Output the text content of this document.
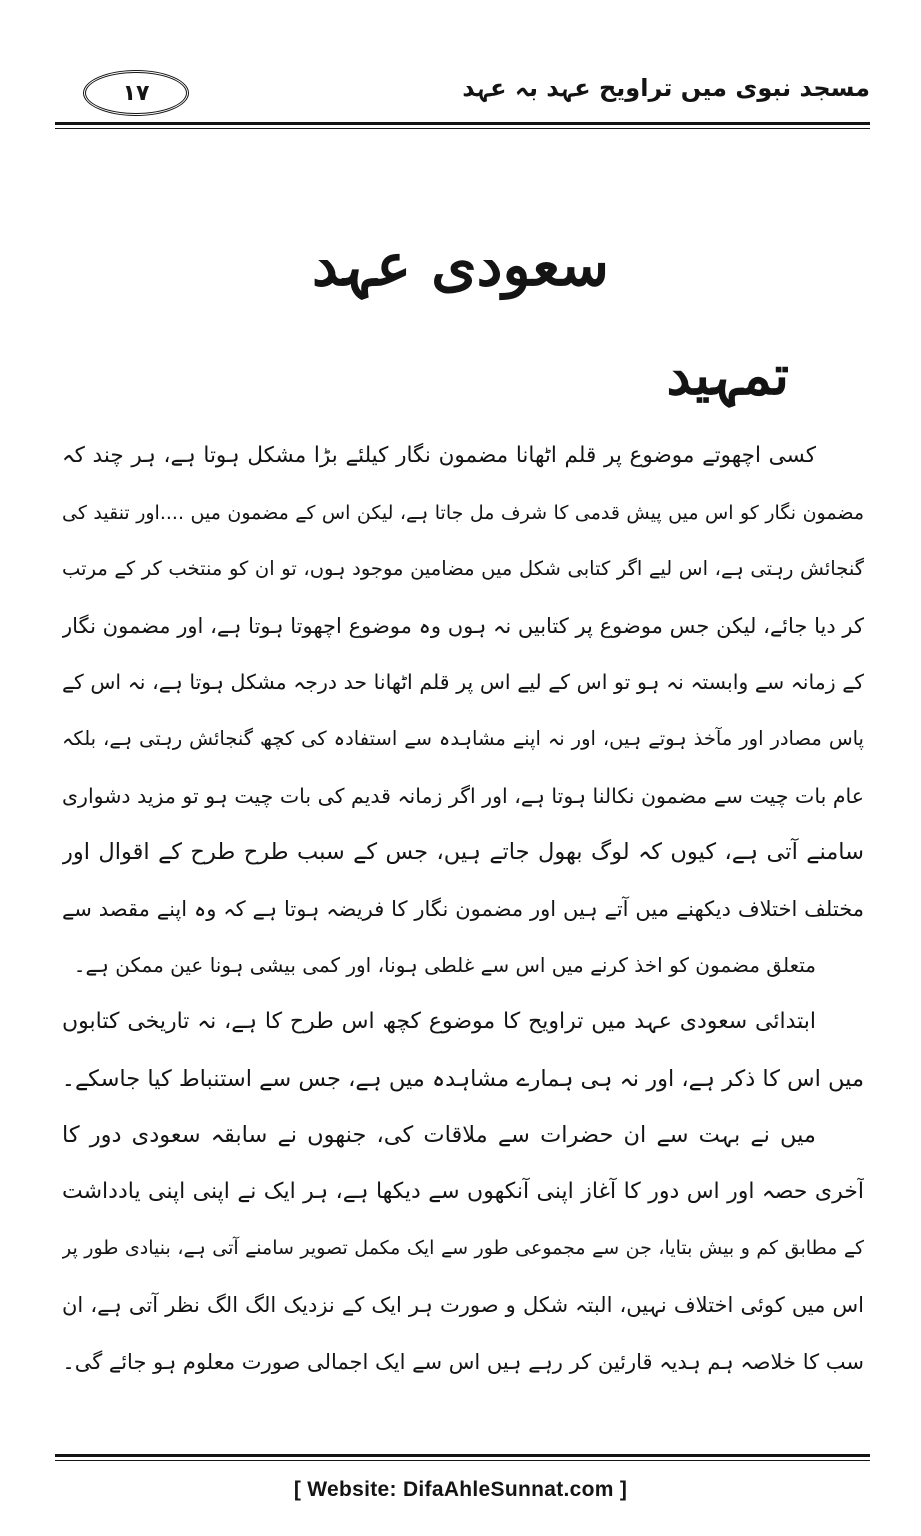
مسجد نبوی میں تراویح عہد بہ عہد
۱۷
سعودی عہد
تمہید
کسی اچھوتے موضوع پر قلم اٹھانا مضمون نگار کیلئے بڑا مشکل ہوتا ہے، ہر چند کہ
مضمون نگار کو اس میں پیش قدمی کا شرف مل جاتا ہے، لیکن اس کے مضمون میں ....اور تنقید کی
گنجائش رہتی ہے، اس لیے اگر کتابی شکل میں مضامین موجود ہوں، تو ان کو منتخب کر کے مرتب
کر دیا جائے، لیکن جس موضوع پر کتابیں نہ ہوں وہ موضوع اچھوتا ہوتا ہے، اور مضمون نگار
کے زمانہ سے وابستہ نہ ہو تو اس کے لیے اس پر قلم اٹھانا حد درجہ مشکل ہوتا ہے، نہ اس کے
پاس مصادر اور مآخذ ہوتے ہیں، اور نہ اپنے مشاہدہ سے استفادہ کی کچھ گنجائش رہتی ہے، بلکہ
عام بات چیت سے مضمون نکالنا ہوتا ہے، اور اگر زمانہ قدیم کی بات چیت ہو تو مزید دشواری
سامنے آتی ہے، کیوں کہ لوگ بھول جاتے ہیں، جس کے سبب طرح طرح کے اقوال اور
مختلف اختلاف دیکھنے میں آتے ہیں اور مضمون نگار کا فریضہ ہوتا ہے کہ وہ اپنے مقصد سے
متعلق مضمون کو اخذ کرنے میں اس سے غلطی ہونا، اور کمی بیشی ہونا عین ممکن ہے۔
ابتدائی سعودی عہد میں تراویح کا موضوع کچھ اس طرح کا ہے، نہ تاریخی کتابوں
میں اس کا ذکر ہے، اور نہ ہی ہمارے مشاہدہ میں ہے، جس سے استنباط کیا جاسکے۔
میں نے بہت سے ان حضرات سے ملاقات کی، جنھوں نے سابقہ سعودی دور کا
آخری حصہ اور اس دور کا آغاز اپنی آنکھوں سے دیکھا ہے، ہر ایک نے اپنی اپنی یادداشت
کے مطابق کم و بیش بتایا، جن سے مجموعی طور سے ایک مکمل تصویر سامنے آتی ہے، بنیادی طور پر
اس میں کوئی اختلاف نہیں، البتہ شکل و صورت ہر ایک کے نزدیک الگ الگ نظر آتی ہے، ان
سب کا خلاصہ ہم ہدیہ قارئین کر رہے ہیں اس سے ایک اجمالی صورت معلوم ہو جائے گی۔
[ Website: DifaAhleSunnat.com ]
